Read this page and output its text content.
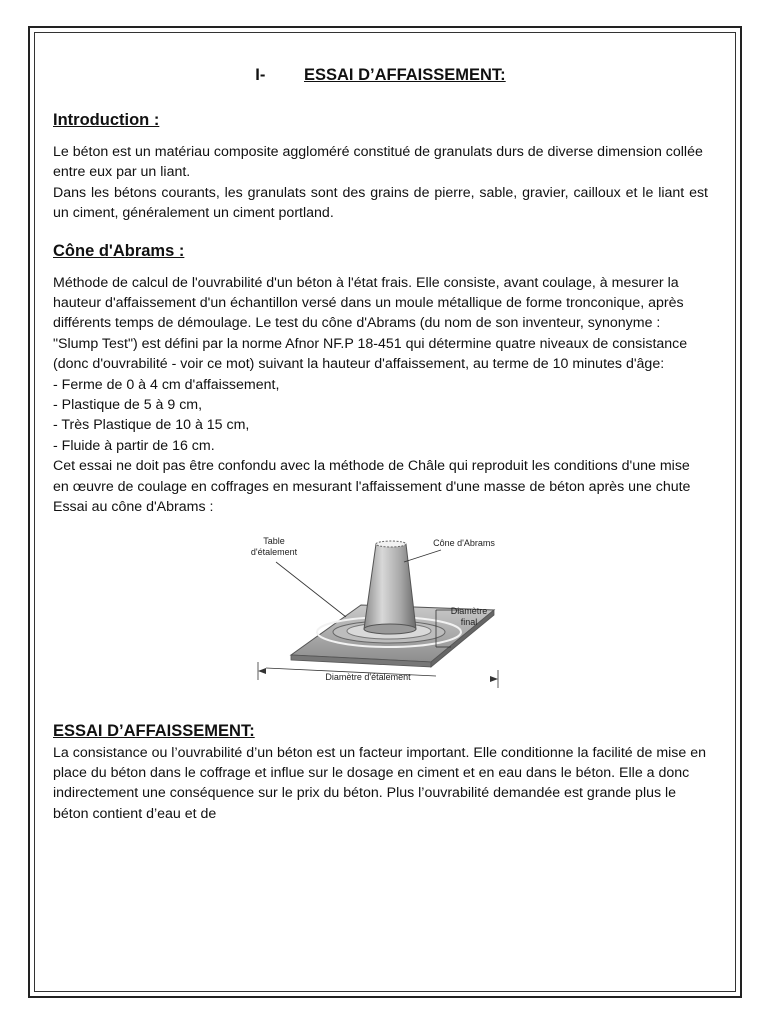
I- ESSAI D’AFFAISSEMENT:
Introduction :

Le béton est un matériau composite aggloméré constitué de granulats durs de diverse dimension collée entre eux par un liant.

Dans les bétons courants, les granulats sont des grains de pierre, sable, gravier, cailloux et le liant est un ciment, généralement un ciment portland.

Cône d'Abrams :

Méthode de calcul de l'ouvrabilité d'un béton à l'état frais. Elle consiste, avant coulage, à mesurer la hauteur d'affaissement d'un échantillon versé dans un moule métallique de forme tronconique, après différents temps de démoulage. Le test du cône d'Abrams (du nom de son inventeur, synonyme : "Slump Test") est défini par la norme Afnor NF.P 18-451 qui détermine quatre niveaux de consistance (donc d'ouvrabilité - voir ce mot) suivant la hauteur d'affaissement, au terme de 10 minutes d'âge:

- Ferme de 0 à 4 cm d'affaissement,
- Plastique de 5 à 9 cm,
- Très Plastique de 10 à 15 cm,
- Fluide à partir de 16 cm.

Cet essai ne doit pas être confondu avec la méthode de Châle qui reproduit les conditions d'une mise en œuvre de coulage en coffrages en mesurant l'affaissement d'une masse de béton après une chute

Essai au cône d'Abrams :

Table
d'étalement
Cône d'Abrams
Diamètre
final
Diamètre d'étalement
ESSAI D’AFFAISSEMENT:

La consistance ou l’ouvrabilité d’un béton est un facteur important. Elle conditionne la facilité de mise en place du béton dans le coffrage et influe sur le dosage en ciment et en eau dans le béton. Elle a donc indirectement une conséquence sur le prix du béton. Plus l’ouvrabilité demandée est grande plus le béton contient d’eau et de
